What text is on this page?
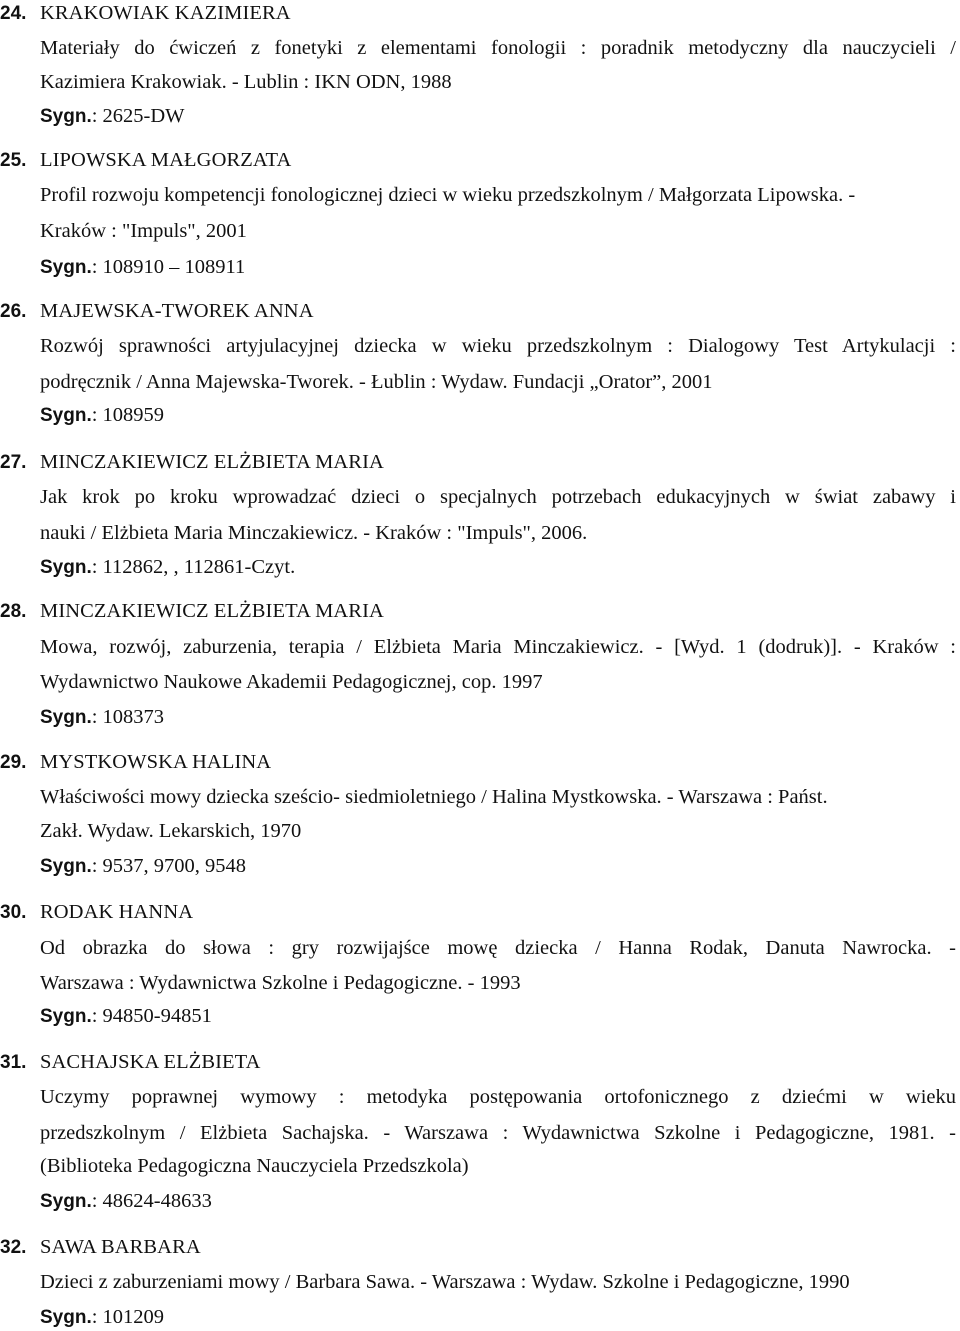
24. KRAKOWIAK KAZIMIERA
Materiały do ćwiczeń z fonetyki z elementami fonologii : poradnik metodyczny dla nauczycieli /
Kazimiera Krakowiak. - Lublin : IKN ODN, 1988
Sygn.: 2625-DW
25. LIPOWSKA MAŁGORZATA
Profil rozwoju kompetencji fonologicznej dzieci w wieku przedszkolnym / Małgorzata Lipowska. -
Kraków : "Impuls", 2001
Sygn.: 108910 – 108911
26. MAJEWSKA-TWOREK ANNA
Rozwój sprawności artyjulacyjnej dziecka w wieku przedszkolnym : Dialogowy Test Artykulacji :
podręcznik / Anna Majewska-Tworek. - Łublin : Wydaw. Fundacji „Orator”, 2001
Sygn.: 108959
27. MINCZAKIEWICZ ELŻBIETA MARIA
Jak krok po kroku wprowadzać dzieci o specjalnych potrzebach edukacyjnych w świat zabawy i
nauki / Elżbieta Maria Minczakiewicz. - Kraków : "Impuls", 2006.
Sygn.: 112862, , 112861-Czyt.
28. MINCZAKIEWICZ ELŻBIETA MARIA
Mowa, rozwój, zaburzenia, terapia / Elżbieta Maria Minczakiewicz. - [Wyd. 1 (dodruk)]. - Kraków :
Wydawnictwo Naukowe Akademii Pedagogicznej, cop. 1997
Sygn.: 108373
29. MYSTKOWSKA HALINA
Właściwości mowy dziecka sześcio- siedmioletniego / Halina Mystkowska. - Warszawa : Państ.
Zakł. Wydaw. Lekarskich, 1970
Sygn.: 9537, 9700, 9548
30. RODAK HANNA
Od obrazka do słowa : gry rozwijajśce mowę dziecka / Hanna Rodak, Danuta Nawrocka. -
Warszawa : Wydawnictwa Szkolne i Pedagogiczne. - 1993
Sygn.: 94850-94851
31. SACHAJSKA ELŻBIETA
Uczymy poprawnej wymowy : metodyka postępowania ortofonicznego z dziećmi w wieku
przedszkolnym / Elżbieta Sachajska. - Warszawa : Wydawnictwa Szkolne i Pedagogiczne, 1981. -
(Biblioteka Pedagogiczna Nauczyciela Przedszkola)
Sygn.: 48624-48633
32. SAWA BARBARA
Dzieci z zaburzeniami mowy / Barbara Sawa. - Warszawa : Wydaw. Szkolne i Pedagogiczne, 1990
Sygn.: 101209
